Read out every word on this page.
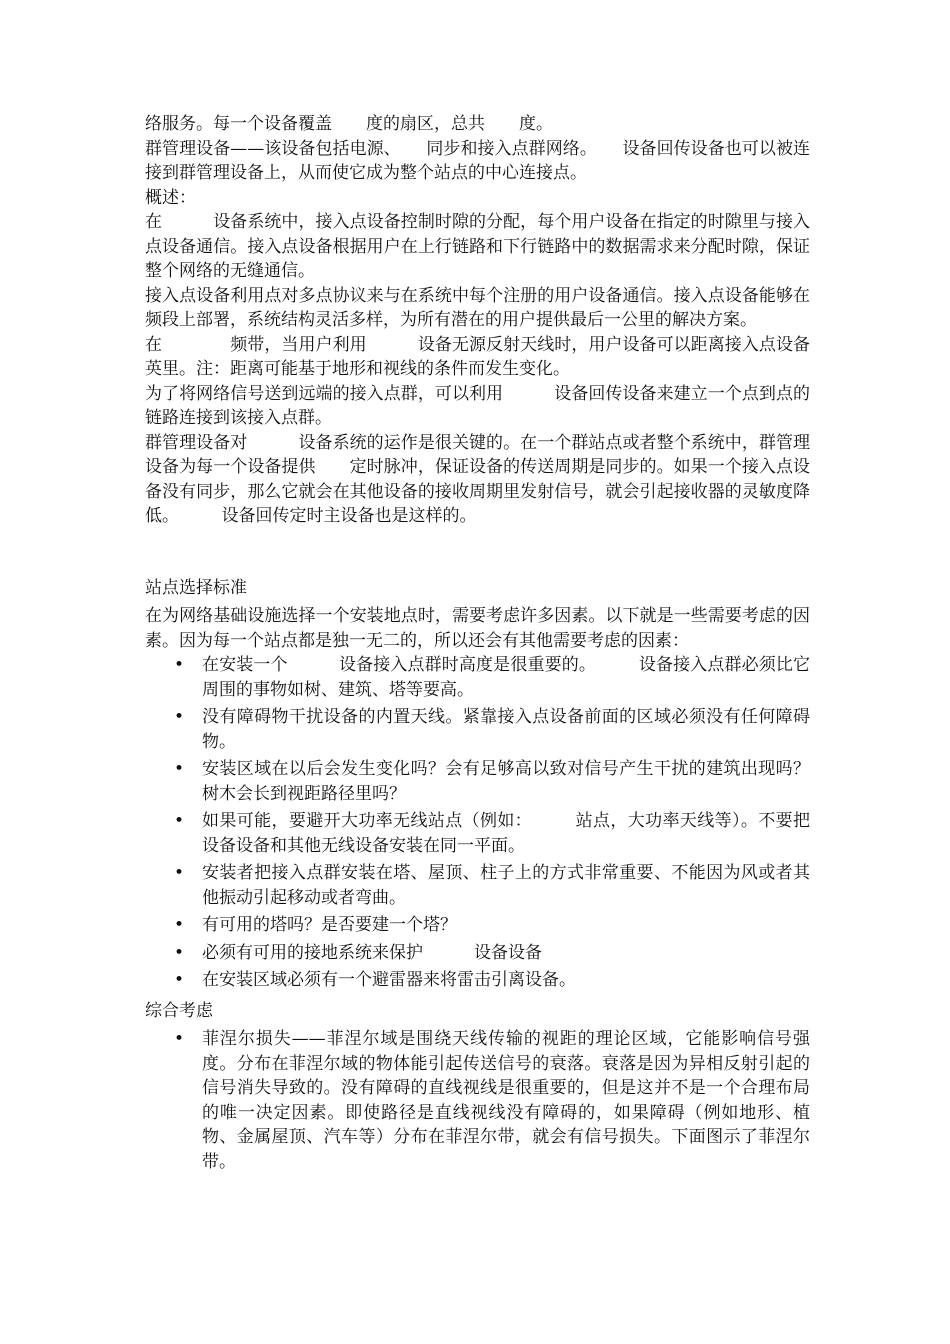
络服务。每一个设备覆盖　　度的扇区，总共　　度。

群管理设备——该设备包括电源、　　同步和接入点群网络。　　设备回传设备也可以被连接到群管理设备上，从而使它成为整个站点的中心连接点。

概述：

在　　　设备系统中，接入点设备控制时隙的分配，每个用户设备在指定的时隙里与接入点设备通信。接入点设备根据用户在上行链路和下行链路中的数据需求来分配时隙，保证整个网络的无缝通信。

接入点设备利用点对多点协议来与在系统中每个注册的用户设备通信。接入点设备能够在　　　　频段上部署，系统结构灵活多样，为所有潜在的用户提供最后一公里的解决方案。

在　　　　频带，当用户利用　　　设备无源反射天线时，用户设备可以距离接入点设备　英里。注：距离可能基于地形和视线的条件而发生变化。

为了将网络信号送到远端的接入点群，可以利用　　　设备回传设备来建立一个点到点的链路连接到该接入点群。

群管理设备对　　　设备系统的运作是很关键的。在一个群站点或者整个系统中，群管理设备为每一个设备提供　　定时脉冲，保证设备的传送周期是同步的。如果一个接入点设备没有同步，那么它就会在其他设备的接收周期里发射信号，就会引起接收器的灵敏度降低。　　　设备回传定时主设备也是这样的。

站点选择标准

在为网络基础设施选择一个安装地点时，需要考虑许多因素。以下就是一些需要考虑的因素。因为每一个站点都是独一无二的，所以还会有其他需要考虑的因素：

• 在安装一个　　　设备接入点群时高度是很重要的。　　　设备接入点群必须比它周围的事物如树、建筑、塔等要高。
• 没有障碍物干扰设备的内置天线。紧靠接入点设备前面的区域必须没有任何障碍物。
• 安装区域在以后会发生变化吗？会有足够高以致对信号产生干扰的建筑出现吗？树木会长到视距路径里吗？
• 如果可能，要避开大功率无线站点（例如：　　　站点，大功率天线等）。不要把　　　设备设备和其他无线设备安装在同一平面。
• 安装者把接入点群安装在塔、屋顶、柱子上的方式非常重要、不能因为风或者其他振动引起移动或者弯曲。
• 有可用的塔吗？是否要建一个塔？
• 必须有可用的接地系统来保护　　　设备设备
• 在安装区域必须有一个避雷器来将雷击引离设备。

综合考虑

• 菲涅尔损失——菲涅尔域是围绕天线传输的视距的理论区域，它能影响信号强度。分布在菲涅尔域的物体能引起传送信号的衰落。衰落是因为异相反射引起的信号消失导致的。没有障碍的直线视线是很重要的，但是这并不是一个合理布局的唯一决定因素。即使路径是直线视线没有障碍的，如果障碍（例如地形、植物、金属屋顶、汽车等）分布在菲涅尔带，就会有信号损失。下面图示了菲涅尔带。
